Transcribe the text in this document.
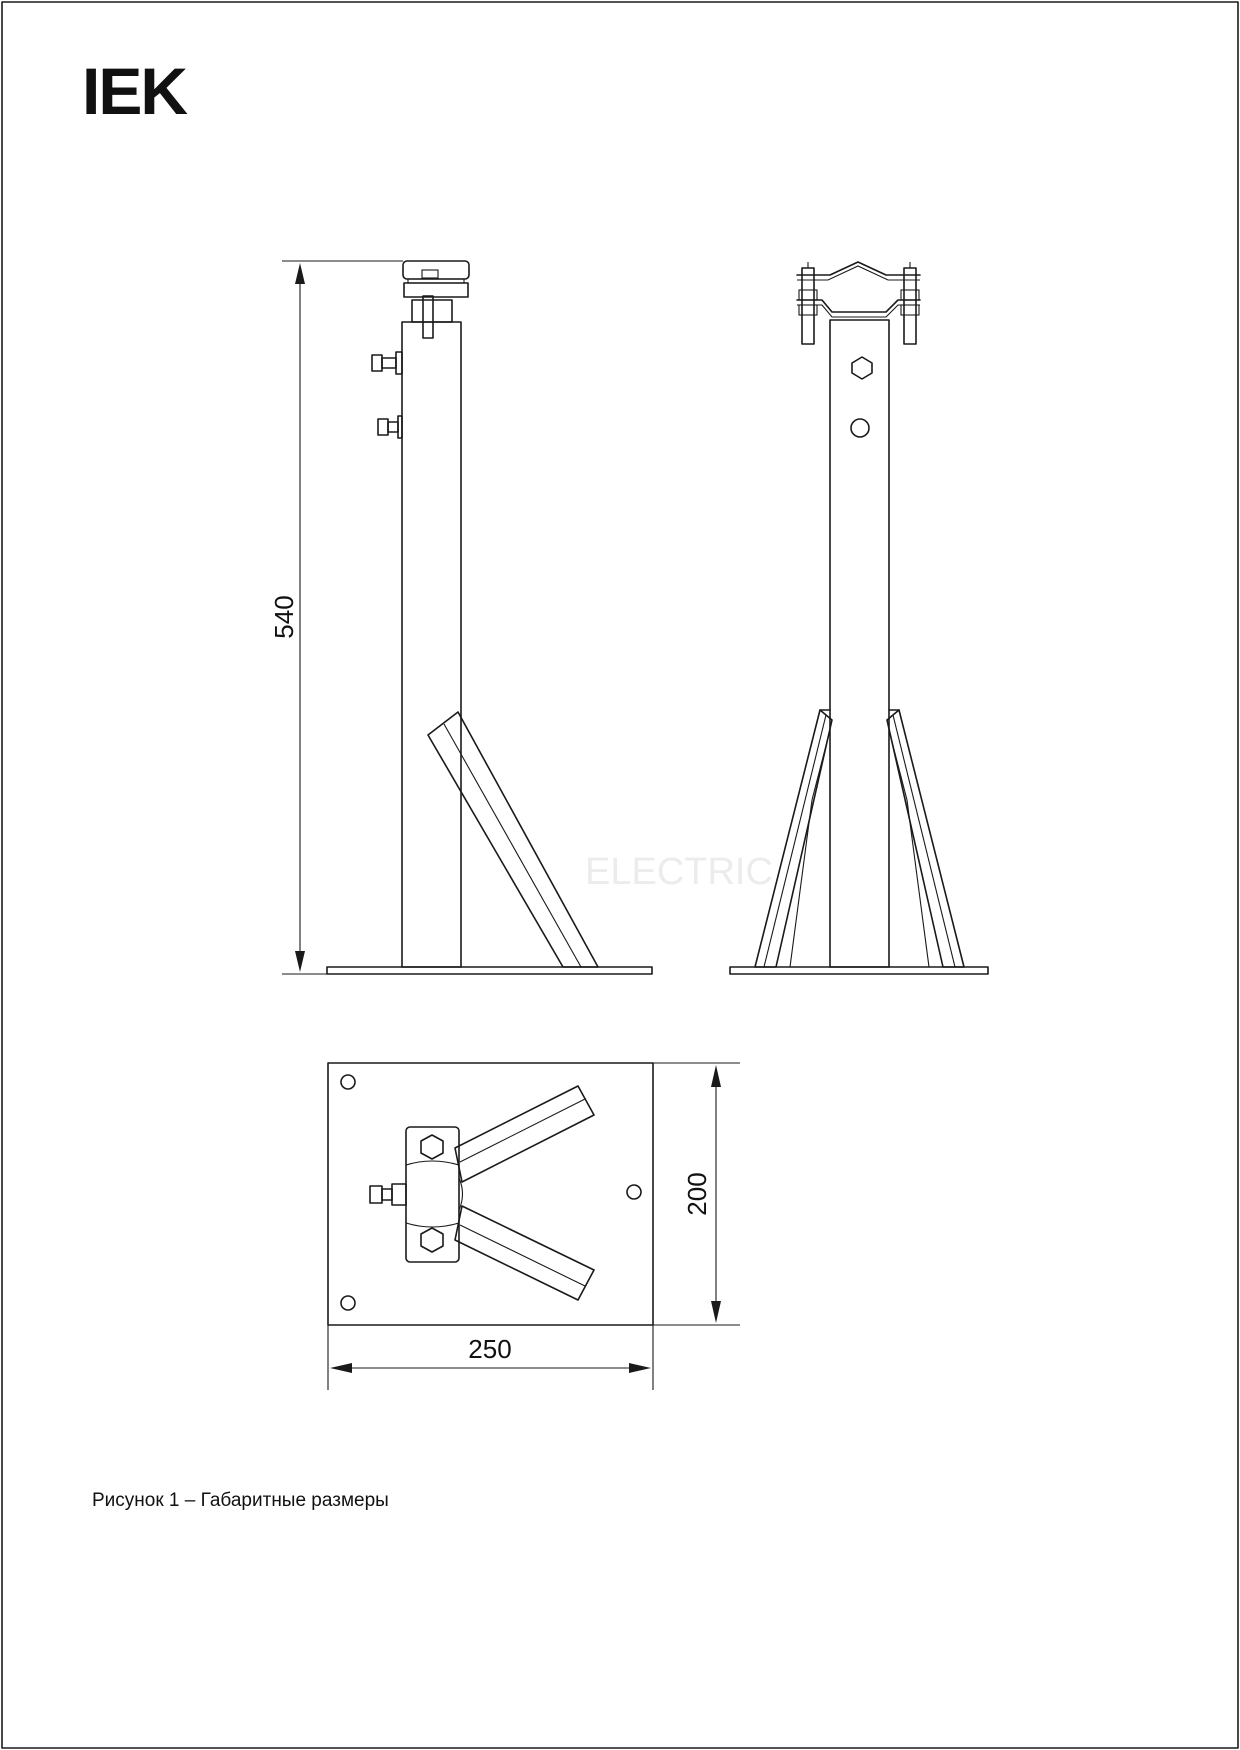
IEK
ELECTRIC
540
250
200
Рисунок 1 – Габаритные размеры
